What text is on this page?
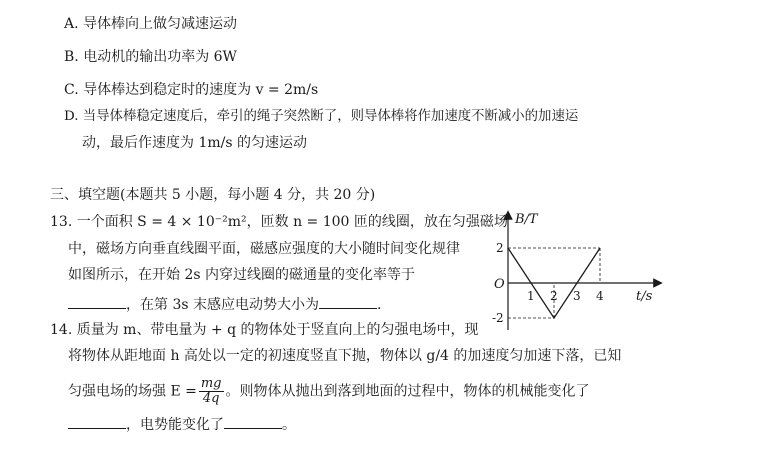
A. 导体棒向上做匀减速运动
B. 电动机的输出功率为 6W
C. 导体棒达到稳定时的速度为 v = 2m/s
D. 当导体棒稳定速度后，牵引的绳子突然断了，则导体棒将作加速度不断减小的加速运
动，最后作速度为 1m/s 的匀速运动
三、填空题(本题共 5 小题，每小题 4 分，共 20 分)
13. 一个面积 S = 4 × 10⁻²m²，匝数 n = 100 匝的线圈，放在匀强磁场
中，磁场方向垂直线圈平面，磁感应强度的大小随时间变化规律
如图所示，在开始 2s 内穿过线圈的磁通量的变化率等于
，在第 3s 末感应电动势大小为	.
1 2 3 4
2
-2
B/T
t/s
O
14. 质量为 m、带电量为 + q 的物体处于竖直向上的匀强电场中，现
将物体从距地面 h 高处以一定的初速度竖直下抛，物体以 g/4 的加速度匀加速下落，已知
匀强电场的场强 $E = \frac{mg}{4q}$ 。则物体从抛出到落到地面的过程中，物体的机械能变化了
，电势能变化了	。
